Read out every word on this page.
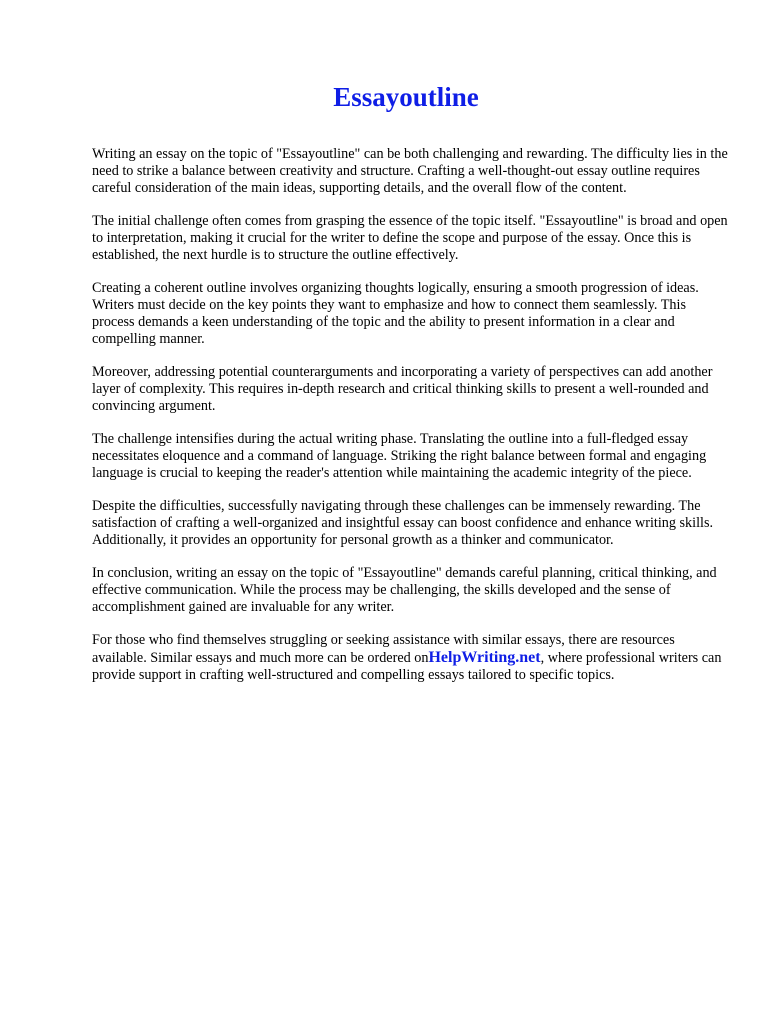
Essayoutline

Writing an essay on the topic of "Essayoutline" can be both challenging and rewarding. The difficulty lies in the need to strike a balance between creativity and structure. Crafting a well-thought-out essay outline requires careful consideration of the main ideas, supporting details, and the overall flow of the content.

The initial challenge often comes from grasping the essence of the topic itself. "Essayoutline" is broad and open to interpretation, making it crucial for the writer to define the scope and purpose of the essay. Once this is established, the next hurdle is to structure the outline effectively.

Creating a coherent outline involves organizing thoughts logically, ensuring a smooth progression of ideas. Writers must decide on the key points they want to emphasize and how to connect them seamlessly. This process demands a keen understanding of the topic and the ability to present information in a clear and compelling manner.

Moreover, addressing potential counterarguments and incorporating a variety of perspectives can add another layer of complexity. This requires in-depth research and critical thinking skills to present a well-rounded and convincing argument.

The challenge intensifies during the actual writing phase. Translating the outline into a full-fledged essay necessitates eloquence and a command of language. Striking the right balance between formal and engaging language is crucial to keeping the reader's attention while maintaining the academic integrity of the piece.

Despite the difficulties, successfully navigating through these challenges can be immensely rewarding. The satisfaction of crafting a well-organized and insightful essay can boost confidence and enhance writing skills. Additionally, it provides an opportunity for personal growth as a thinker and communicator.

In conclusion, writing an essay on the topic of "Essayoutline" demands careful planning, critical thinking, and effective communication. While the process may be challenging, the skills developed and the sense of accomplishment gained are invaluable for any writer.

For those who find themselves struggling or seeking assistance with similar essays, there are resources available. Similar essays and much more can be ordered onHelpWriting.net, where professional writers can provide support in crafting well-structured and compelling essays tailored to specific topics.
